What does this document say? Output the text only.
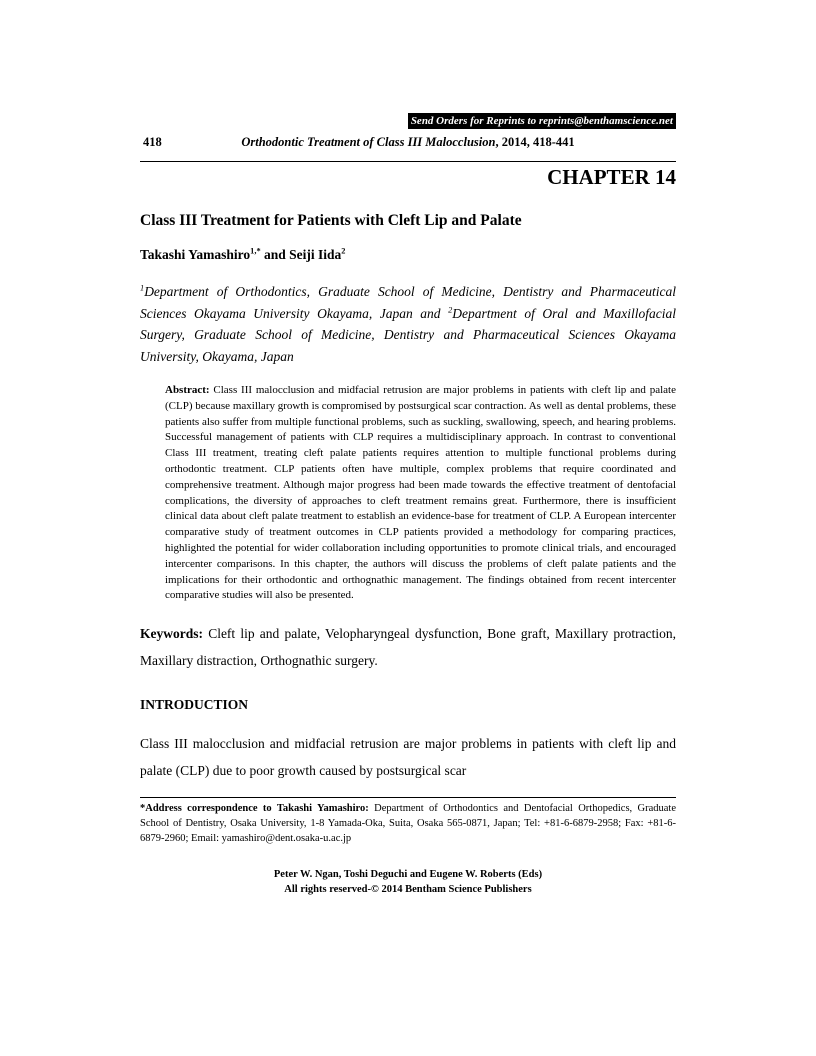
Send Orders for Reprints to reprints@benthamscience.net
418	Orthodontic Treatment of Class III Malocclusion, 2014, 418-441
CHAPTER 14
Class III Treatment for Patients with Cleft Lip and Palate

Takashi Yamashiro$^{1,*}$ and Seiji Iida$^2$

$^1$Department of Orthodontics, Graduate School of Medicine, Dentistry and Pharmaceutical Sciences Okayama University Okayama, Japan and $^2$Department of Oral and Maxillofacial Surgery, Graduate School of Medicine, Dentistry and Pharmaceutical Sciences Okayama University, Okayama, Japan

Abstract: Class III malocclusion and midfacial retrusion are major problems in patients with cleft lip and palate (CLP) because maxillary growth is compromised by postsurgical scar contraction. As well as dental problems, these patients also suffer from multiple functional problems, such as suckling, swallowing, speech, and hearing problems. Successful management of patients with CLP requires a multidisciplinary approach. In contrast to conventional Class III treatment, treating cleft palate patients requires attention to multiple functional problems during orthodontic treatment. CLP patients often have multiple, complex problems that require coordinated and comprehensive treatment. Although major progress had been made towards the effective treatment of dentofacial complications, the diversity of approaches to cleft treatment remains great. Furthermore, there is insufficient clinical data about cleft palate treatment to establish an evidence-base for treatment of CLP. A European intercenter comparative study of treatment outcomes in CLP patients provided a methodology for comparing practices, highlighted the potential for wider collaboration including opportunities to promote clinical trials, and encouraged intercenter comparisons. In this chapter, the authors will discuss the problems of cleft palate patients and the implications for their orthodontic and orthognathic management. The findings obtained from recent intercenter comparative studies will also be presented.

Keywords: Cleft lip and palate, Velopharyngeal dysfunction, Bone graft, Maxillary protraction, Maxillary distraction, Orthognathic surgery.

INTRODUCTION

Class III malocclusion and midfacial retrusion are major problems in patients with cleft lip and palate (CLP) due to poor growth caused by postsurgical scar

*Address correspondence to Takashi Yamashiro: Department of Orthodontics and Dentofacial Orthopedics, Graduate School of Dentistry, Osaka University, 1-8 Yamada-Oka, Suita, Osaka 565-0871, Japan; Tel: +81-6-6879-2958; Fax: +81-6-6879-2960; Email: yamashiro@dent.osaka-u.ac.jp

Peter W. Ngan, Toshi Deguchi and Eugene W. Roberts (Eds)
All rights reserved-© 2014 Bentham Science Publishers
